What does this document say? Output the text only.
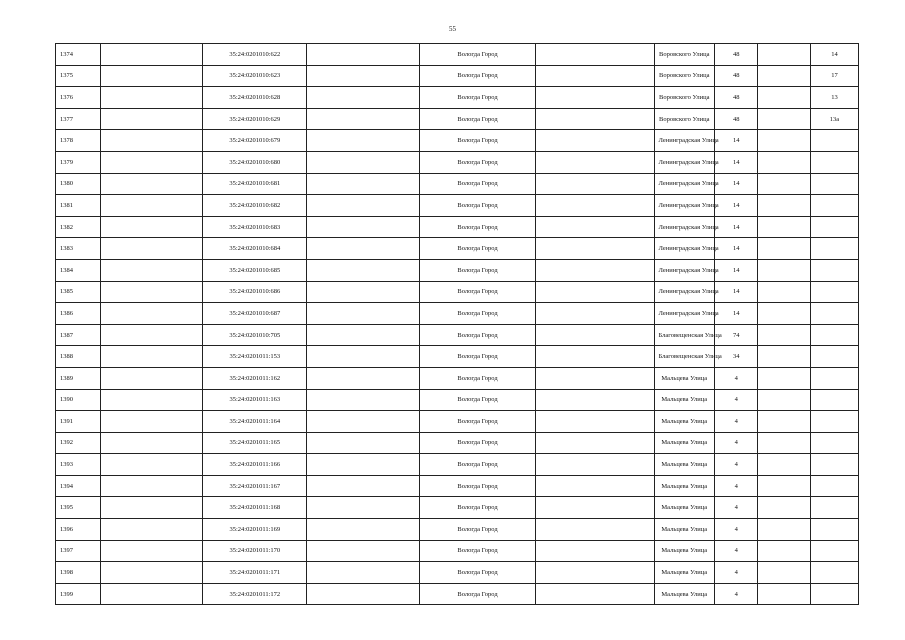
55
1374		35:24:0201010:622		Вологда Город		Воровского Улица	48		14
1375		35:24:0201010:623		Вологда Город		Воровского Улица	48		17
1376		35:24:0201010:628		Вологда Город		Воровского Улица	48		13
1377		35:24:0201010:629		Вологда Город		Воровского Улица	48		13а
1378		35:24:0201010:679		Вологда Город		Ленинградская Улица	14		
1379		35:24:0201010:680		Вологда Город		Ленинградская Улица	14		
1380		35:24:0201010:681		Вологда Город		Ленинградская Улица	14		
1381		35:24:0201010:682		Вологда Город		Ленинградская Улица	14		
1382		35:24:0201010:683		Вологда Город		Ленинградская Улица	14		
1383		35:24:0201010:684		Вологда Город		Ленинградская Улица	14		
1384		35:24:0201010:685		Вологда Город		Ленинградская Улица	14		
1385		35:24:0201010:686		Вологда Город		Ленинградская Улица	14		
1386		35:24:0201010:687		Вологда Город		Ленинградская Улица	14		
1387		35:24:0201010:705		Вологда Город		Благовещенская Улица	74		
1388		35:24:0201011:153		Вологда Город		Благовещенская Улица	34		
1389		35:24:0201011:162		Вологда Город		Мальцева Улица	4		
1390		35:24:0201011:163		Вологда Город		Мальцева Улица	4		
1391		35:24:0201011:164		Вологда Город		Мальцева Улица	4		
1392		35:24:0201011:165		Вологда Город		Мальцева Улица	4		
1393		35:24:0201011:166		Вологда Город		Мальцева Улица	4		
1394		35:24:0201011:167		Вологда Город		Мальцева Улица	4		
1395		35:24:0201011:168		Вологда Город		Мальцева Улица	4		
1396		35:24:0201011:169		Вологда Город		Мальцева Улица	4		
1397		35:24:0201011:170		Вологда Город		Мальцева Улица	4		
1398		35:24:0201011:171		Вологда Город		Мальцева Улица	4		
1399		35:24:0201011:172		Вологда Город		Мальцева Улица	4		
